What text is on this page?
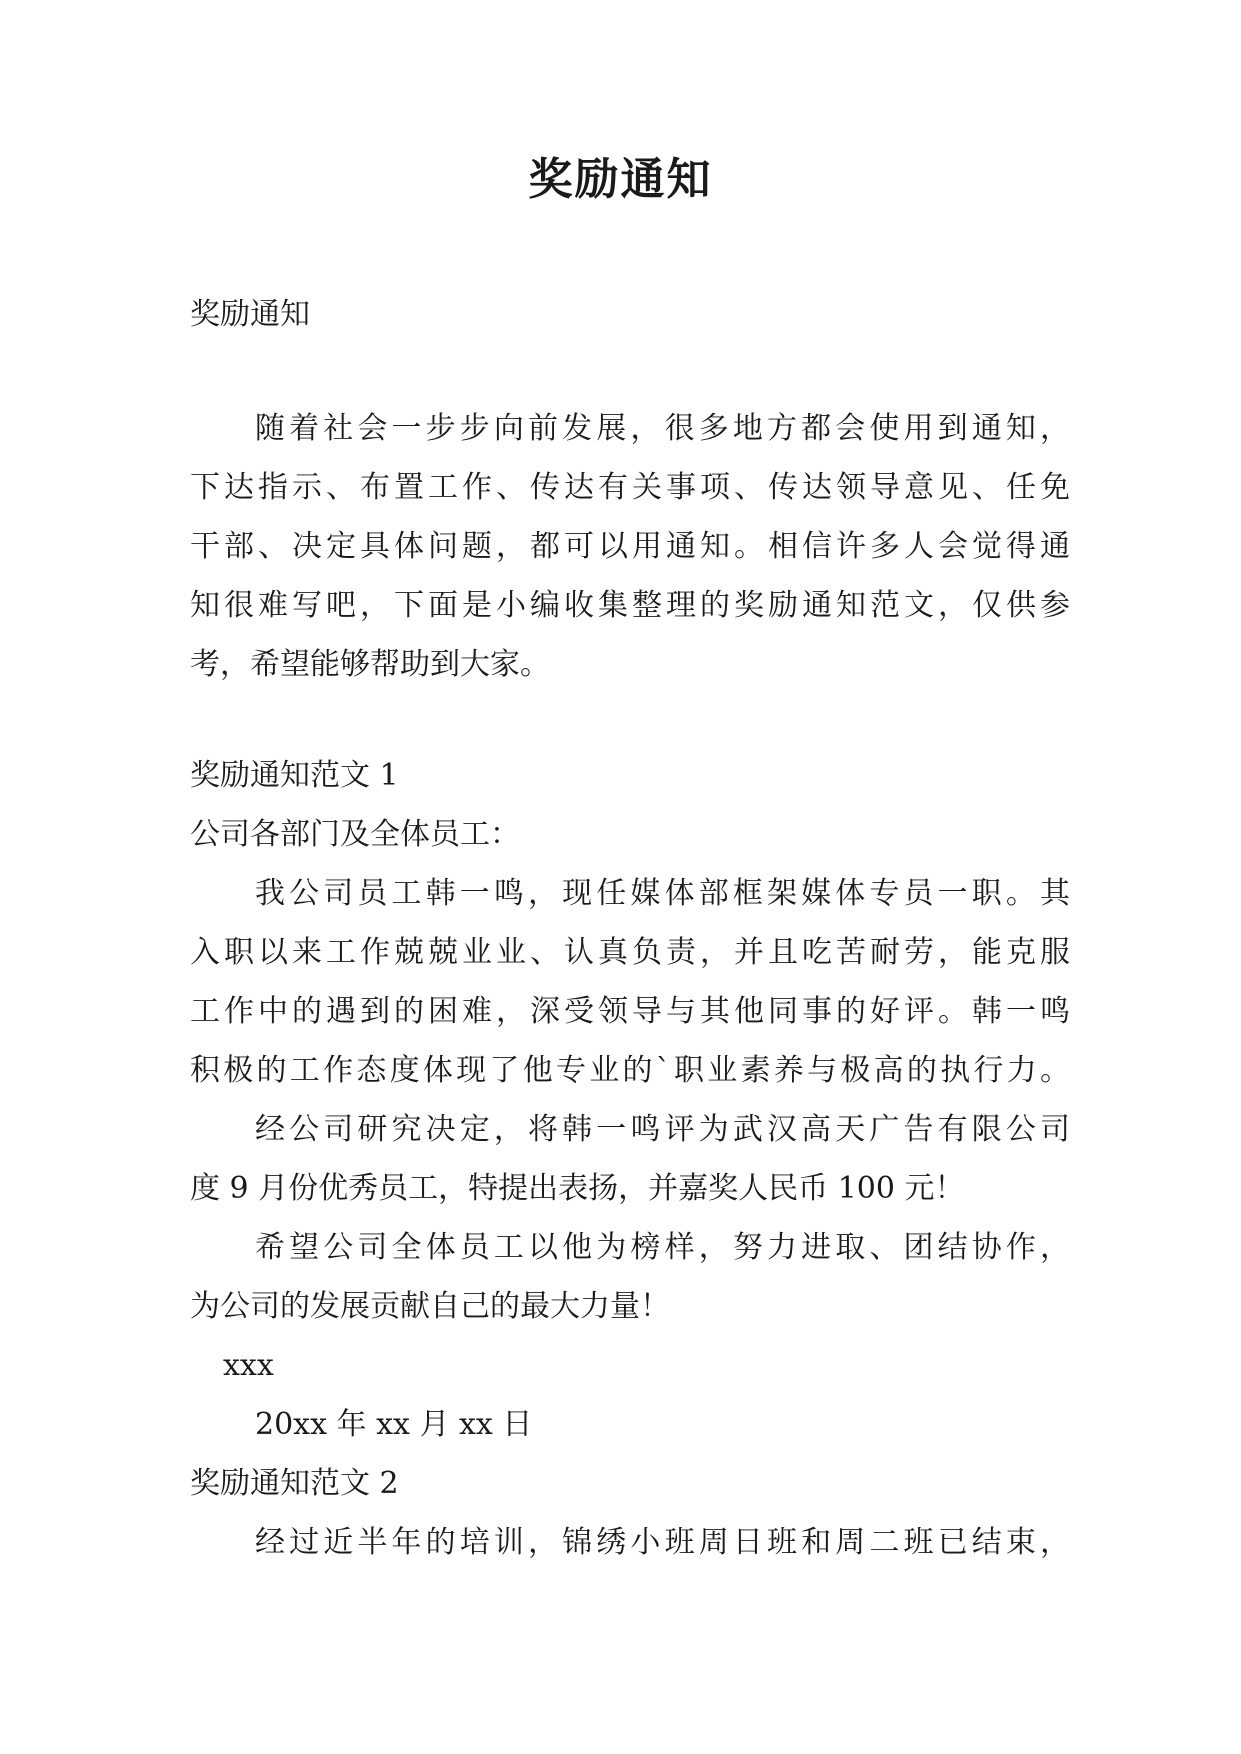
奖励通知

奖励通知

随着社会一步步向前发展，很多地方都会使用到通知，

下达指示、布置工作、传达有关事项、传达领导意见、任免

干部、决定具体问题，都可以用通知。相信许多人会觉得通

知很难写吧，下面是小编收集整理的奖励通知范文，仅供参

考，希望能够帮助到大家。

奖励通知范文 1

公司各部门及全体员工：

我公司员工韩一鸣，现任媒体部框架媒体专员一职。其

入职以来工作兢兢业业、认真负责，并且吃苦耐劳，能克服

工作中的遇到的困难，深受领导与其他同事的好评。韩一鸣

积极的工作态度体现了他专业的`职业素养与极高的执行力。

经公司研究决定，将韩一鸣评为武汉高天广告有限公司

度 9 月份优秀员工，特提出表扬，并嘉奖人民币 100 元！

希望公司全体员工以他为榜样，努力进取、团结协作，

为公司的发展贡献自己的最大力量！

xxx

20xx 年 xx 月 xx 日

奖励通知范文 2

经过近半年的培训，锦绣小班周日班和周二班已结束，
